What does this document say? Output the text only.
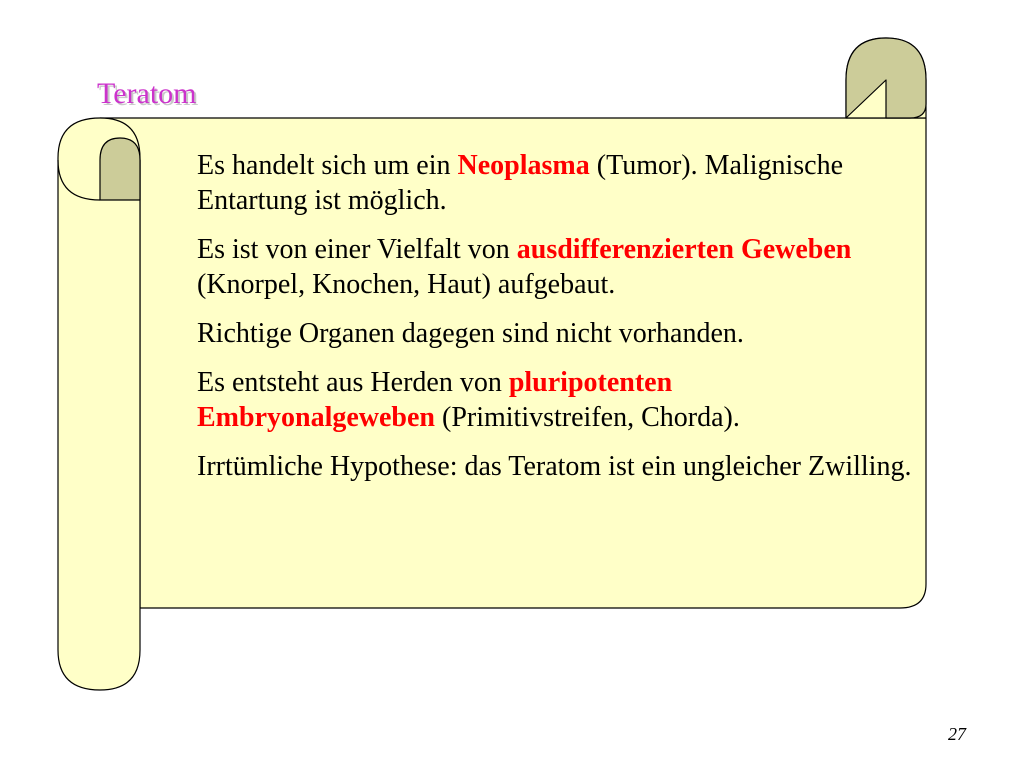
Teratom

Es handelt sich um ein Neoplasma (Tumor). Malignische Entartung ist möglich.

Es ist von einer Vielfalt von ausdifferenzierten Geweben (Knorpel, Knochen, Haut) aufgebaut.

Richtige Organen dagegen sind nicht vorhanden.

Es entsteht aus Herden von pluripotenten Embryonalgeweben (Primitivstreifen, Chorda).

Irrtümliche Hypothese: das Teratom ist ein ungleicher Zwilling.

27
